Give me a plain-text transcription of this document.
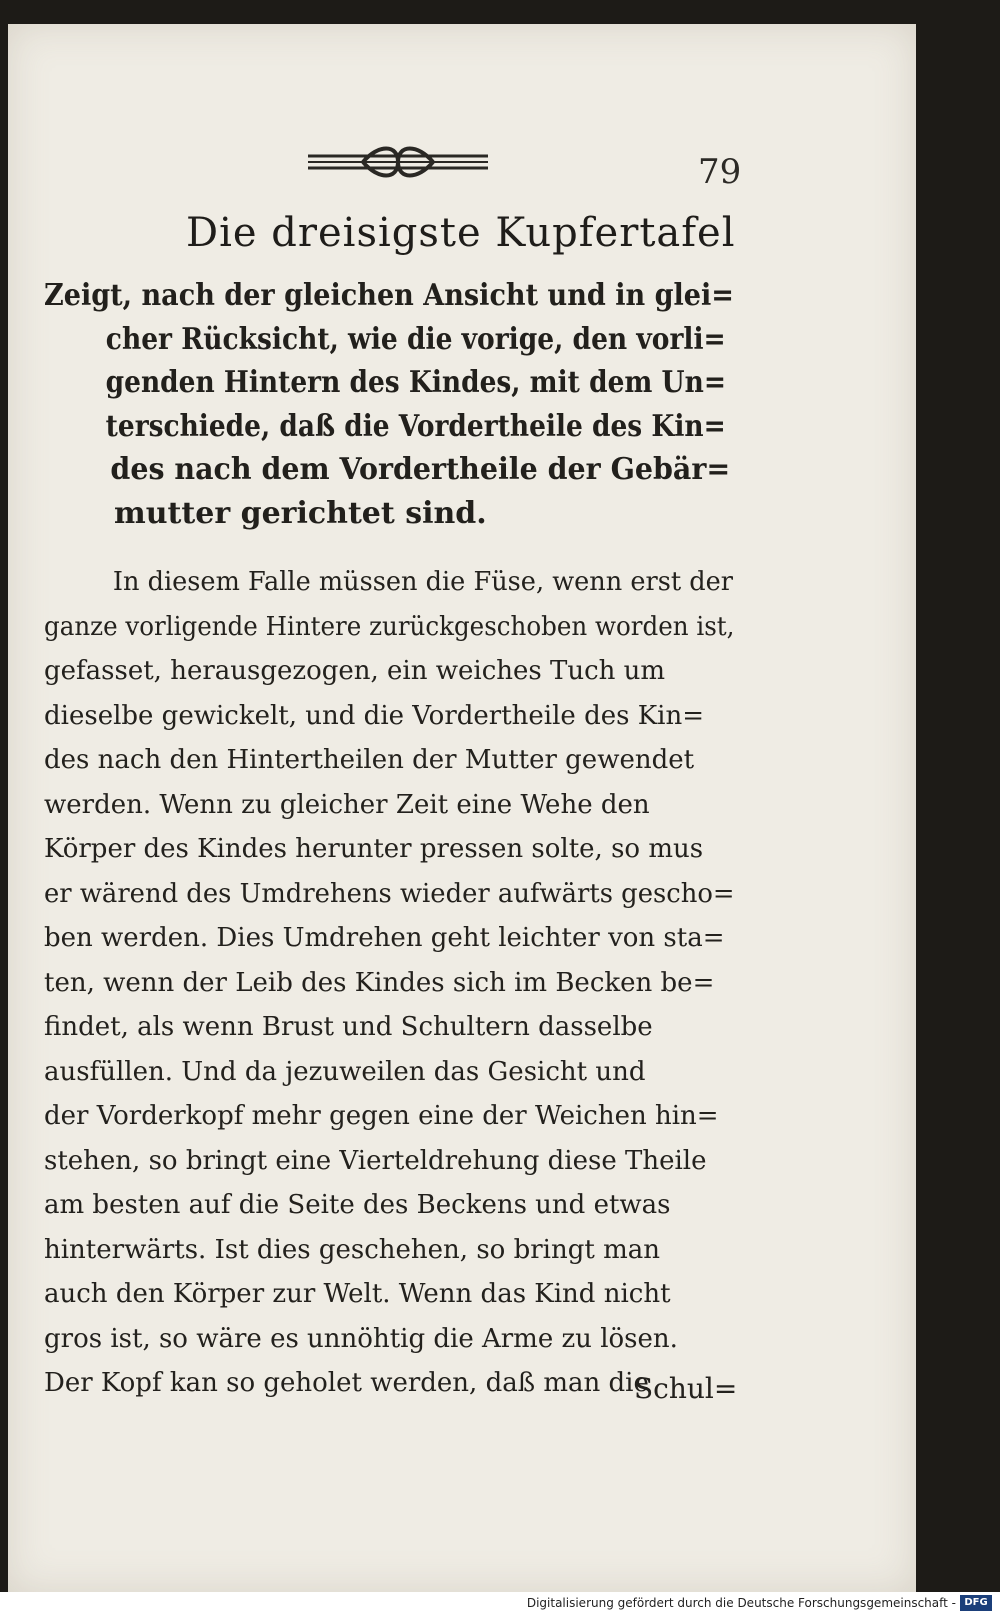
79
Die dreisigste Kupfertafel
Zeigt, nach der gleichen Ansicht und in glei=
cher Rücksicht, wie die vorige, den vorli=
genden Hintern des Kindes, mit dem Un=
terschiede, daß die Vordertheile des Kin=
des nach dem Vordertheile der Gebär=
mutter gerichtet sind.
In diesem Falle müssen die Füse, wenn erst der
ganze vorligende Hintere zurückgeschoben worden ist,
gefasset, herausgezogen, ein weiches Tuch um
dieselbe gewickelt, und die Vordertheile des Kin=
des nach den Hintertheilen der Mutter gewendet
werden. Wenn zu gleicher Zeit eine Wehe den
Körper des Kindes herunter pressen solte, so mus
er wärend des Umdrehens wieder aufwärts gescho=
ben werden. Dies Umdrehen geht leichter von sta=
ten, wenn der Leib des Kindes sich im Becken be=
findet, als wenn Brust und Schultern dasselbe
ausfüllen. Und da jezuweilen das Gesicht und
der Vorderkopf mehr gegen eine der Weichen hin=
stehen, so bringt eine Vierteldrehung diese Theile
am besten auf die Seite des Beckens und etwas
hinterwärts. Ist dies geschehen, so bringt man
auch den Körper zur Welt. Wenn das Kind nicht
gros ist, so wäre es unnöhtig die Arme zu lösen.
Der Kopf kan so geholet werden, daß man die
Schul=
Digitalisierung gefördert durch die Deutsche Forschungsgemeinschaft - DFG
